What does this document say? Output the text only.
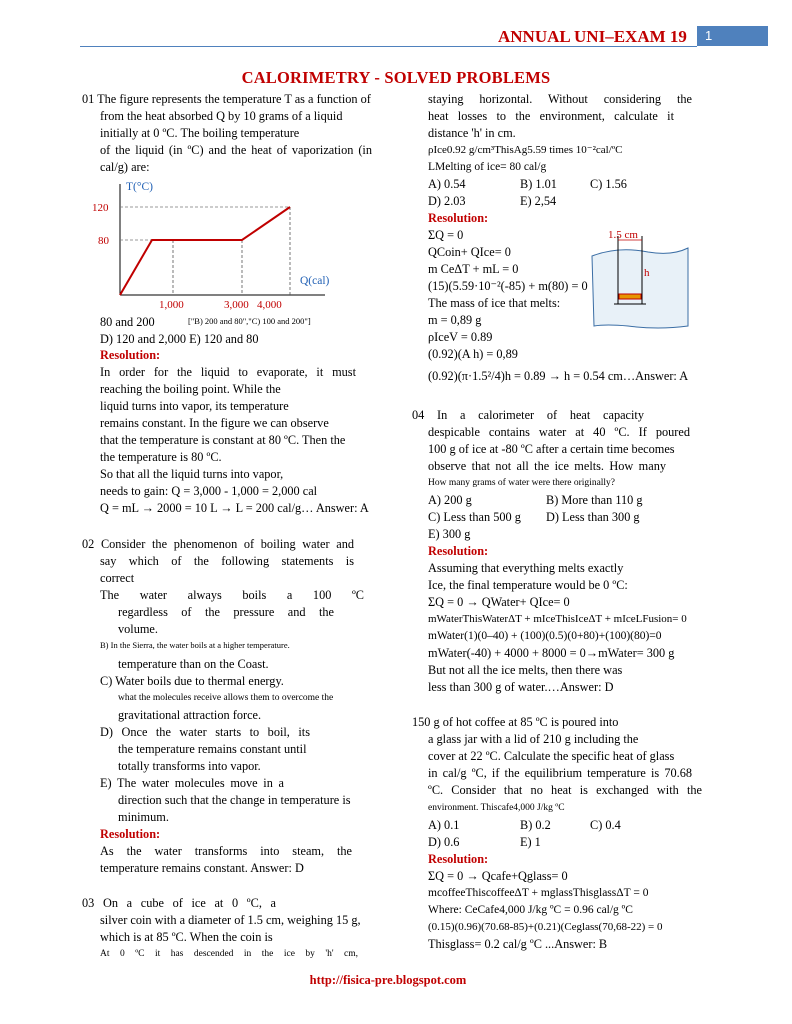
ANNUAL UNI–EXAM 19	1
CALORIMETRY - SOLVED PROBLEMS
01 The figure represents the temperature T as a function of
from the heat absorbed Q by 10 grams of a liquid
initially at 0 ºC. The boiling temperature
of the liquid (in ºC) and the heat of vaporization (in
cal/g) are:
T(°C)
Q(cal)
120
80
1,000	3,000 4,000
80 and 200	["B) 200 and 80","C) 100 and 200"]
D) 120 and 2,000 E) 120 and 80
Resolution:
In order for the liquid to evaporate, it must
reaching the boiling point. While the
liquid turns into vapor, its temperature
remains constant. In the figure we can observe
that the temperature is constant at 80 ºC. Then the
the temperature is 80 ºC.
So that all the liquid turns into vapor,
needs to gain: Q = 3,000 - 1,000 = 2,000 cal
Q = mL → 2000 = 10 L → L = 200 cal/g… Answer: A
02 Consider the phenomenon of boiling water and
say which of the following statements is
correct
The water always boils a 100 ºC
regardless of the pressure and the
volume.
B) In the Sierra, the water boils at a higher temperature.
temperature than on the Coast.
C) Water boils due to thermal energy.
what the molecules receive allows them to overcome the
gravitational attraction force.
D) Once the water starts to boil, its
the temperature remains constant until
totally transforms into vapor.
E) The water molecules move in a
direction such that the change in temperature is
minimum.
Resolution:
As the water transforms into steam, the
temperature remains constant. Answer: D
03 On a cube of ice at 0 ºC, a
silver coin with a diameter of 1.5 cm, weighing 15 g,
which is at 85 ºC. When the coin is
At 0 ºC it has descended in the ice by 'h' cm,
staying horizontal. Without considering the
heat losses to the environment, calculate it
distance 'h' in cm.
ρIce0.92 g/cm³ThisAg5.59 times 10⁻²cal/ºC
LMelting of ice= 80 cal/g
A) 0.54	B) 1.01	C) 1.56
D) 2.03	E) 2,54
Resolution:
ΣQ = 0
QCoin+ QIce= 0
m CeΔT + mL = 0
(15)(5.59·10⁻²(-85) + m(80) = 0
The mass of ice that melts:
m = 0,89 g
ρIceV = 0.89
(0.92)(A h) = 0,89
(0.92)(π·1.5²/4)h = 0.89 → h = 0.54 cm…Answer: A
04 In a calorimeter of heat capacity
despicable contains water at 40 ºC. If poured
100 g of ice at -80 ºC after a certain time becomes
observe that not all the ice melts. How many
How many grams of water were there originally?
A) 200 g	B) More than 110 g
C) Less than 500 g D) Less than 300 g
E) 300 g
Resolution:
Assuming that everything melts exactly
Ice, the final temperature would be 0 ºC:
ΣQ = 0 → QWater+ QIce= 0
mWaterThisWaterΔT + mIceThisIceΔT + mIceLFusion= 0
mWater(1)(0–40) + (100)(0.5)(0+80)+(100)(80)=0
mWater(-40) + 4000 + 8000 = 0→mWater= 300 g
But not all the ice melts, then there was
less than 300 g of water.…Answer: D
150 g of hot coffee at 85 ºC is poured into
a glass jar with a lid of 210 g including the
cover at 22 ºC. Calculate the specific heat of glass
in cal/g ºC, if the equilibrium temperature is 70.68
ºC. Consider that no heat is exchanged with the
environment. Thiscafe4,000 J/kg ºC
A) 0.1	B) 0.2	C) 0.4
D) 0.6	E) 1
Resolution:
ΣQ = 0 → Qcafe+Qglass= 0
mcoffeeThiscoffeeΔT + mglassThisglassΔT = 0
Where: CeCafe4,000 J/kg ºC = 0.96 cal/g ºC
(0.15)(0.96)(70.68-85)+(0.21)(Ceglass(70,68-22) = 0
Thisglass= 0.2 cal/g ºC ...Answer: B
1.5 cm
h
http://fisica-pre.blogspot.com
